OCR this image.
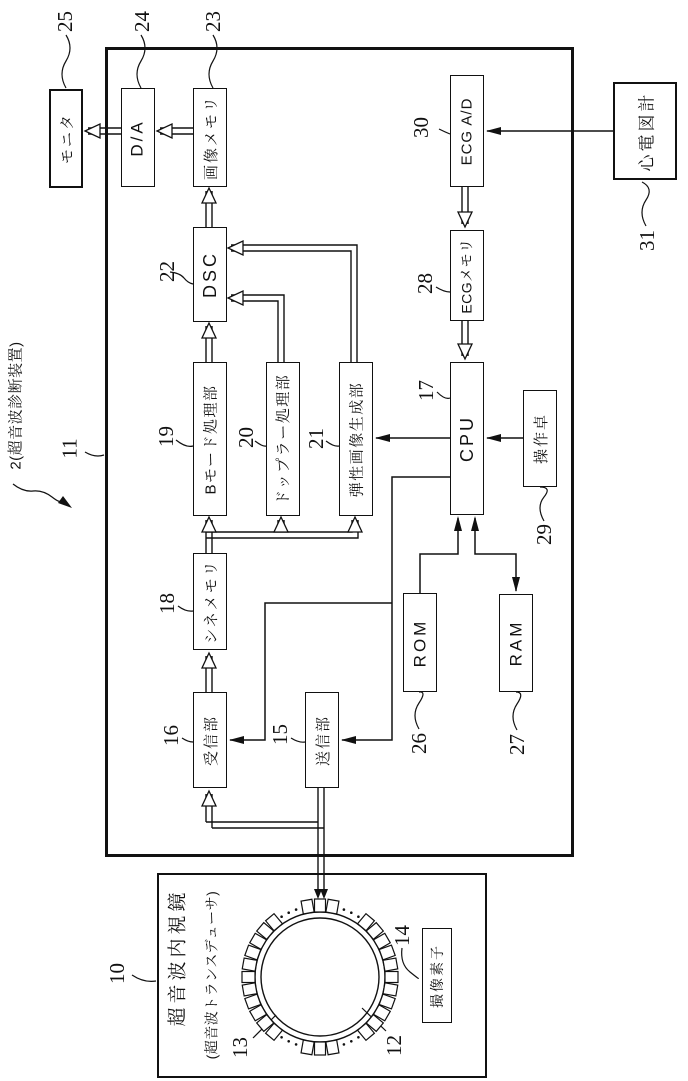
モニタ	D/A	画像メモリ
DSC
Bモード処理部	ドップラー処理部	弾性画像生成部
シネメモリ
受信部	送信部
CPU
ECGメモリ
ECG A/D	心電図計
操作卓
ROM	RAM
撮像素子
超音波内視鏡 (超音波トランスデューサ)
2(超音波診断装置)
25	24 23
22
19	20 21
17
18
16	15	26	27
28
29
30
31
11
10
12
13
14
